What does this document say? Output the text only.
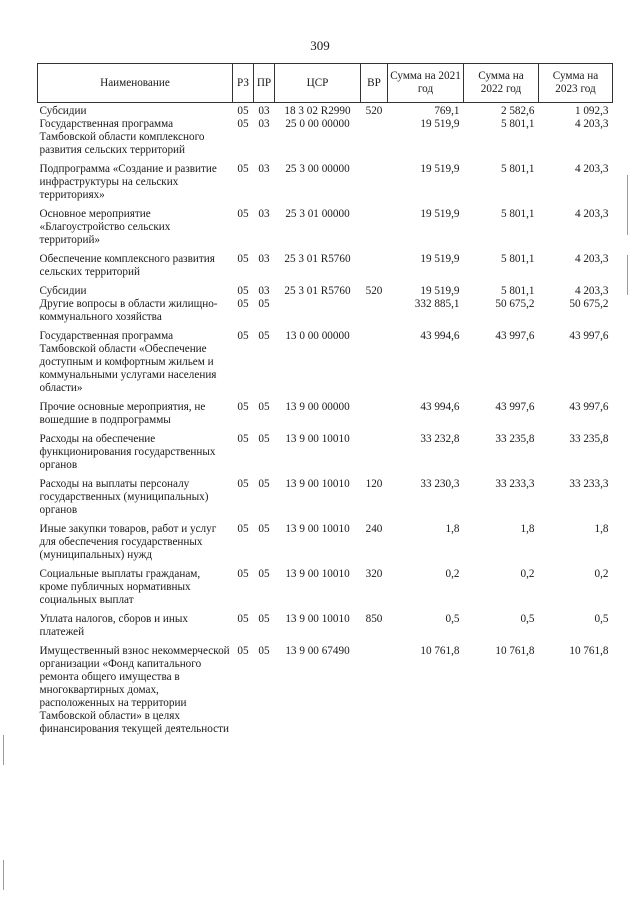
309
Наименование	РЗ	ПР	ЦСР	ВР	Сумма на 2021 год	Сумма на 2022 год	Сумма на 2023 год
Субсидии	05	03	18 3 02 R2990	520	769,1	2 582,6	1 092,3
Государственная программа Тамбовской области комплексного развития сельских территорий	05	03	25 0 00 00000		19 519,9	5 801,1	4 203,3
Подпрограмма «Создание и развитие инфраструктуры на сельских территориях»	05	03	25 3 00 00000		19 519,9	5 801,1	4 203,3
Основное мероприятие «Благоустройство сельских территорий»	05	03	25 3 01 00000		19 519,9	5 801,1	4 203,3
Обеспечение комплексного развития сельских территорий	05	03	25 3 01 R5760		19 519,9	5 801,1	4 203,3
Субсидии	05	03	25 3 01 R5760	520	19 519,9	5 801,1	4 203,3
Другие вопросы в области жилищно-коммунального хозяйства	05	05			332 885,1	50 675,2	50 675,2
Государственная программа Тамбовской области «Обеспечение доступным и комфортным жильем и коммунальными услугами населения области»	05	05	13 0 00 00000		43 994,6	43 997,6	43 997,6
Прочие основные мероприятия, не вошедшие в подпрограммы	05	05	13 9 00 00000		43 994,6	43 997,6	43 997,6
Расходы на обеспечение функционирования государственных органов	05	05	13 9 00 10010		33 232,8	33 235,8	33 235,8
Расходы на выплаты персоналу государственных (муниципальных) органов	05	05	13 9 00 10010	120	33 230,3	33 233,3	33 233,3
Иные закупки товаров, работ и услуг для обеспечения государственных (муниципальных) нужд	05	05	13 9 00 10010	240	1,8	1,8	1,8
Социальные выплаты гражданам, кроме публичных нормативных социальных выплат	05	05	13 9 00 10010	320	0,2	0,2	0,2
Уплата налогов, сборов и иных платежей	05	05	13 9 00 10010	850	0,5	0,5	0,5
Имущественный взнос некоммерческой организации «Фонд капитального ремонта общего имущества в многоквартирных домах, расположенных на территории Тамбовской области» в целях финансирования текущей деятельности	05	05	13 9 00 67490		10 761,8	10 761,8	10 761,8
